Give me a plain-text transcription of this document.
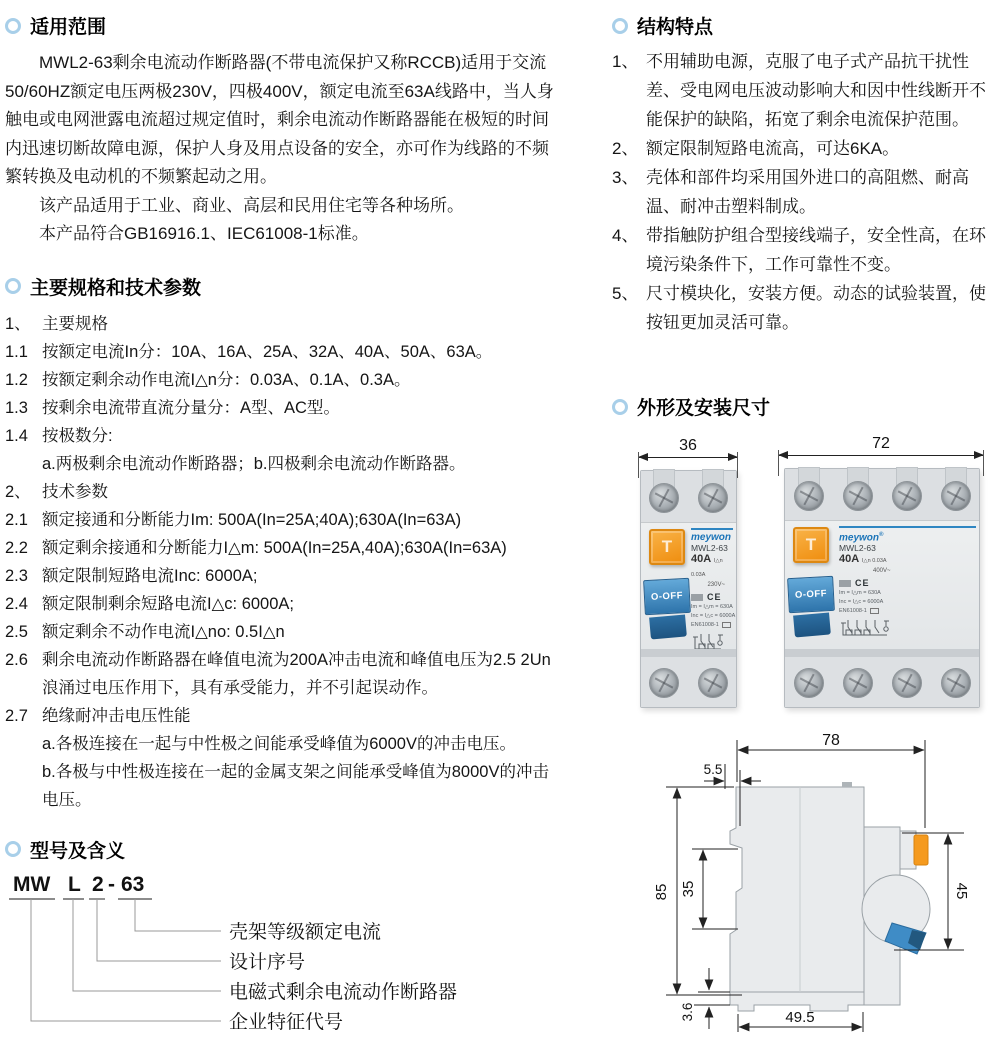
适用范围

MWL2-63剩余电流动作断路器(不带电流保护又称RCCB)适用于交流50/60HZ额定电压两极230V，四极400V，额定电流至63A线路中，当人身触电或电网泄露电流超过规定值时，剩余电流动作断路器能在极短的时间内迅速切断故障电源，保护人身及用点设备的安全，亦可作为线路的不频繁转换及电动机的不频繁起动之用。

该产品适用于工业、商业、高层和民用住宅等各种场所。

本产品符合GB16916.1、IEC61008-1标准。

主要规格和技术参数
1、 主要规格
1.1 按额定电流In分：10A、16A、25A、32A、40A、50A、63A。
1.2 按额定剩余动作电流I△n分：0.03A、0.1A、0.3A。
1.3 按剩余电流带直流分量分：A型、AC型。
1.4 按极数分:
a.两极剩余电流动作断路器；b.四极剩余电流动作断路器。
2、 技术参数
2.1 额定接通和分断能力Im: 500A(In=25A;40A);630A(In=63A)
2.2 额定剩余接通和分断能力I△m: 500A(In=25A,40A);630A(In=63A)
2.3 额定限制短路电流Inc: 6000A;
2.4 额定限制剩余短路电流I△c: 6000A;
2.5 额定剩余不动作电流I△no: 0.5I△n
2.6 剩余电流动作断路器在峰值电流为200A冲击电流和峰值电压为2.5 2Un浪涌过电压作用下，具有承受能力，并不引起误动作。
2.7 绝缘耐冲击电压性能
a.各极连接在一起与中性极之间能承受峰值为6000V的冲击电压。
b.各极与中性极连接在一起的金属支架之间能承受峰值为8000V的冲击电压。
型号及含义
MW L 2 - 63
壳架等级额定电流
设计序号
电磁式剩余电流动作断路器
企业特征代号
结构特点
1、 不用辅助电源，克服了电子式产品抗干扰性差、受电网电压波动影响大和因中性线断开不能保护的缺陷，拓宽了剩余电流保护范围。
2、 额定限制短路电流高，可达6KA。
3、 壳体和部件均采用国外进口的高阻燃、耐高温、耐冲击塑料制成。
4、 带指触防护组合型接线端子，安全性高，在环境污染条件下，工作可靠性不变。
5、 尺寸模块化，安装方便。动态的试验装置，使按钮更加灵活可靠。
外形及安装尺寸
36	72
T	meywon
MWL2-63
40A I△n 0.03A
230V~
CE
Im = I△m = 630A
Inc = I△c = 6000A
EN61008-1
O-OFF
T	meywon®
MWL2-63
40A I△n 0.03A
400V~
CE
Im = I△m = 630A
Inc = I△c = 6000A
EN61008-1
O-OFF
78
5.5
85 35	45
3.6	49.5
